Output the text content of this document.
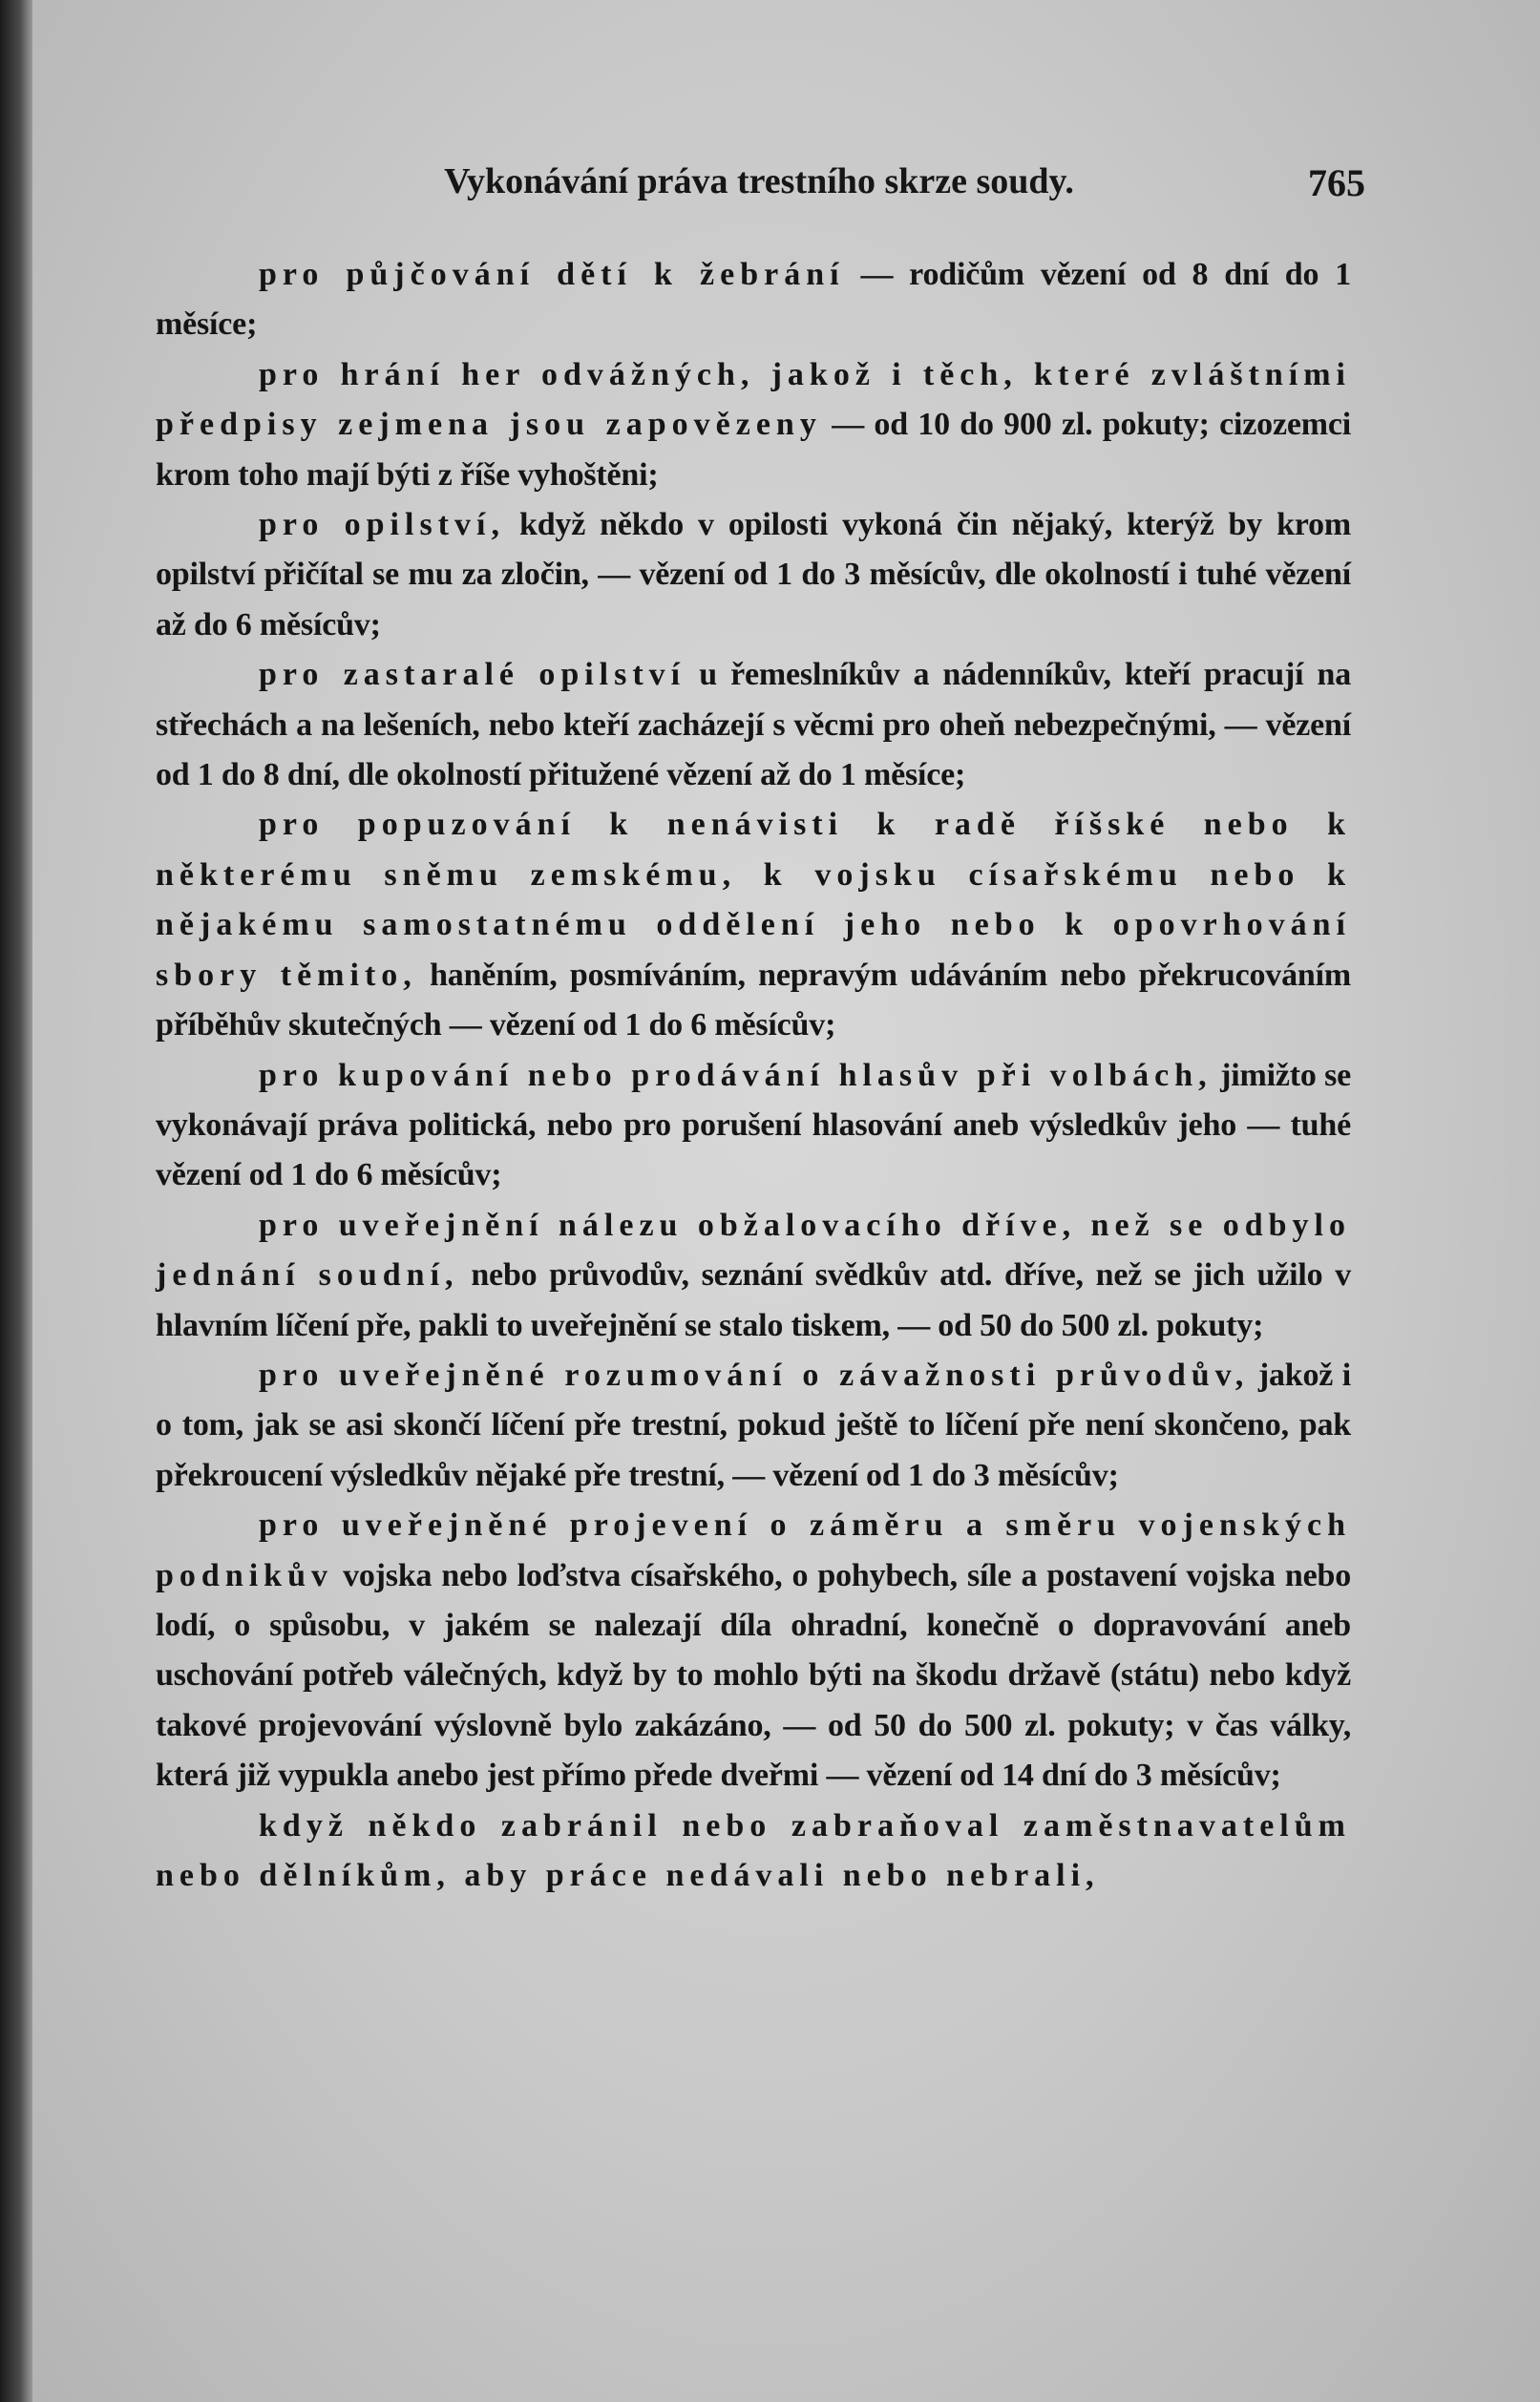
Vykonávání práva trestního skrze soudy.	765

pro půjčování dětí k žebrání — rodičům vězení od 8 dní do 1 měsíce;

pro hrání her odvážných, jakož i těch, které zvláštními předpisy zejmena jsou zapovězeny — od 10 do 900 zl. pokuty; cizozemci krom toho mají býti z říše vyhoštěni;

pro opilství, když někdo v opilosti vykoná čin nějaký, kterýž by krom opilství přičítal se mu za zločin, — vězení od 1 do 3 měsícův, dle okolností i tuhé vězení až do 6 měsícův;

pro zastaralé opilství u řemeslníkův a nádenníkův, kteří pracují na střechách a na lešeních, nebo kteří zacházejí s věcmi pro oheň nebezpečnými, — vězení od 1 do 8 dní, dle okolností přitužené vězení až do 1 měsíce;

pro popuzování k nenávisti k radě říšské nebo k některému sněmu zemskému, k vojsku císařskému nebo k nějakému samostatnému oddělení jeho nebo k opovrhování sbory těmito, haněním, posmíváním, nepravým udáváním nebo překrucováním příběhův skutečných — vězení od 1 do 6 měsícův;

pro kupování nebo prodávání hlasův při volbách, jimižto se vykonávají práva politická, nebo pro porušení hlasování aneb výsledkův jeho — tuhé vězení od 1 do 6 měsícův;

pro uveřejnění nálezu obžalovacího dříve, než se odbylo jednání soudní, nebo průvodův, seznání svědkův atd. dříve, než se jich užilo v hlavním líčení pře, pakli to uveřejnění se stalo tiskem, — od 50 do 500 zl. pokuty;

pro uveřejněné rozumování o závažnosti průvodův, jakož i o tom, jak se asi skončí líčení pře trestní, pokud ještě to líčení pře není skončeno, pak překroucení výsledkův nějaké pře trestní, — vězení od 1 do 3 měsícův;

pro uveřejněné projevení o záměru a směru vojenských podnikův vojska nebo loďstva císařského, o pohybech, síle a postavení vojska nebo lodí, o spůsobu, v jakém se nalezají díla ohradní, konečně o dopravování aneb uschování potřeb válečných, když by to mohlo býti na škodu državě (státu) nebo když takové projevování výslovně bylo zakázáno, — od 50 do 500 zl. pokuty; v čas války, která již vypukla anebo jest přímo přede dveřmi — vězení od 14 dní do 3 měsícův;

když někdo zabránil nebo zabraňoval zaměstnavatelům nebo dělníkům, aby práce nedávali nebo nebrali,
